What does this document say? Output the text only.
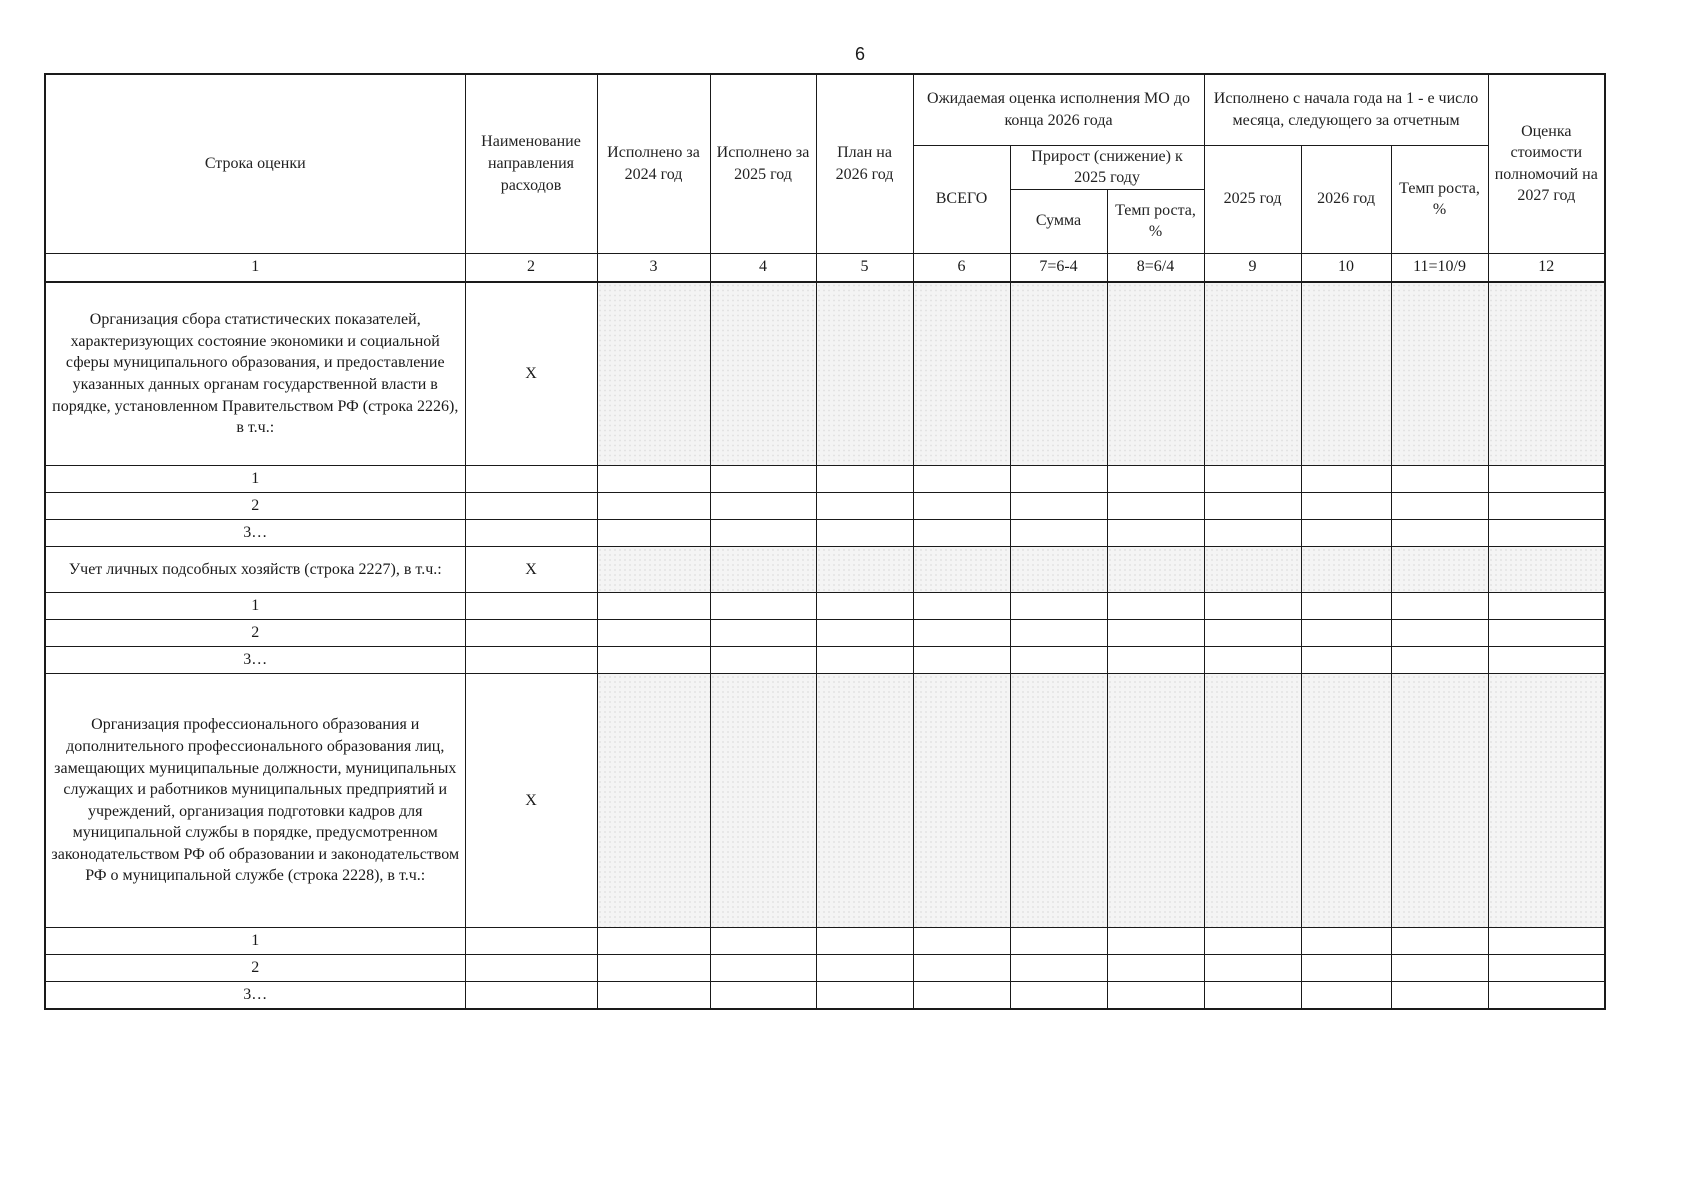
6
Строка оценки	Наименование направления расходов	Исполнено за 2024 год	Исполнено за 2025 год	План на 2026 год	Ожидаемая оценка исполнения МО до конца 2026 года			Исполнено с начала года на 1 - е число месяца, следующего за отчетным			Оценка стоимости полномочий на 2027 год
					ВСЕГО	Прирост (снижение) к 2025 году		2025 год	2026 год	Темп роста, %	
						Сумма	Темп роста, %				
1	2	3	4	5	6	7=6-4	8=6/4	9	10	11=10/9	12
Организация сбора статистических показателей, характеризующих состояние экономики и социальной сферы муниципального образования, и предоставление указанных данных органам государственной власти в порядке, установленном Правительством РФ (строка 2226), в т.ч.:	X										
1											
2											
3…											
Учет личных подсобных хозяйств (строка 2227), в т.ч.:	X										
1											
2											
3…											
Организация профессионального образования и дополнительного профессионального образования лиц, замещающих муниципальные должности, муниципальных служащих и работников муниципальных предприятий и учреждений, организация подготовки кадров для муниципальной службы в порядке, предусмотренном законодательством РФ об образовании и законодательством РФ о муниципальной службе (строка 2228), в т.ч.:	X										
1											
2											
3…											
